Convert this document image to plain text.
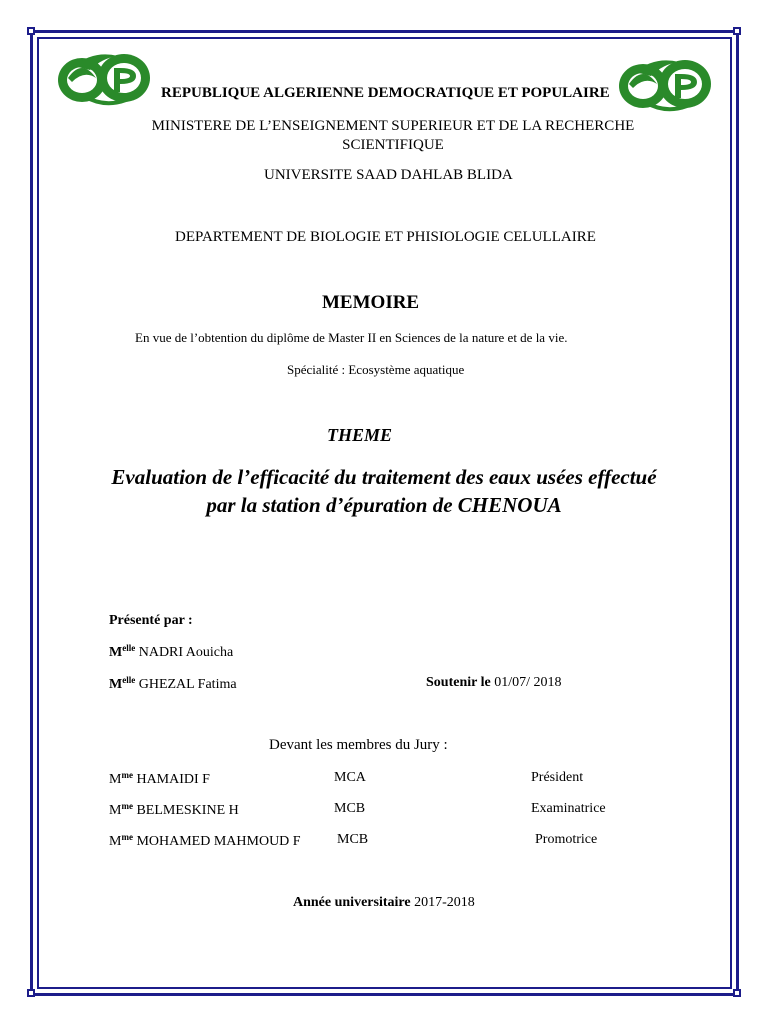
REPUBLIQUE ALGERIENNE DEMOCRATIQUE ET POPULAIRE
MINISTERE DE L’ENSEIGNEMENT SUPERIEUR ET DE LA RECHERCHE SCIENTIFIQUE
UNIVERSITE SAAD DAHLAB BLIDA
DEPARTEMENT DE BIOLOGIE ET PHISIOLOGIE CELULLAIRE
MEMOIRE
En vue de l’obtention du diplôme de Master II en Sciences de la nature et de la vie.
Spécialité : Ecosystème aquatique
THEME
Evaluation de l’efficacité du traitement des eaux usées effectué par la station d’épuration de CHENOUA
Présenté par :
$M^{elle}$ NADRI Aouicha
$M^{elle}$ GHEZAL Fatima	Soutenir le 01/07/ 2018
Devant les membres du Jury :
$M^{me}$ HAMAIDI F	MCA	Président
$M^{me}$ BELMESKINE H	MCB	Examinatrice
$M^{me}$ MOHAMED MAHMOUD F	MCB	Promotrice
Année universitaire 2017-2018
